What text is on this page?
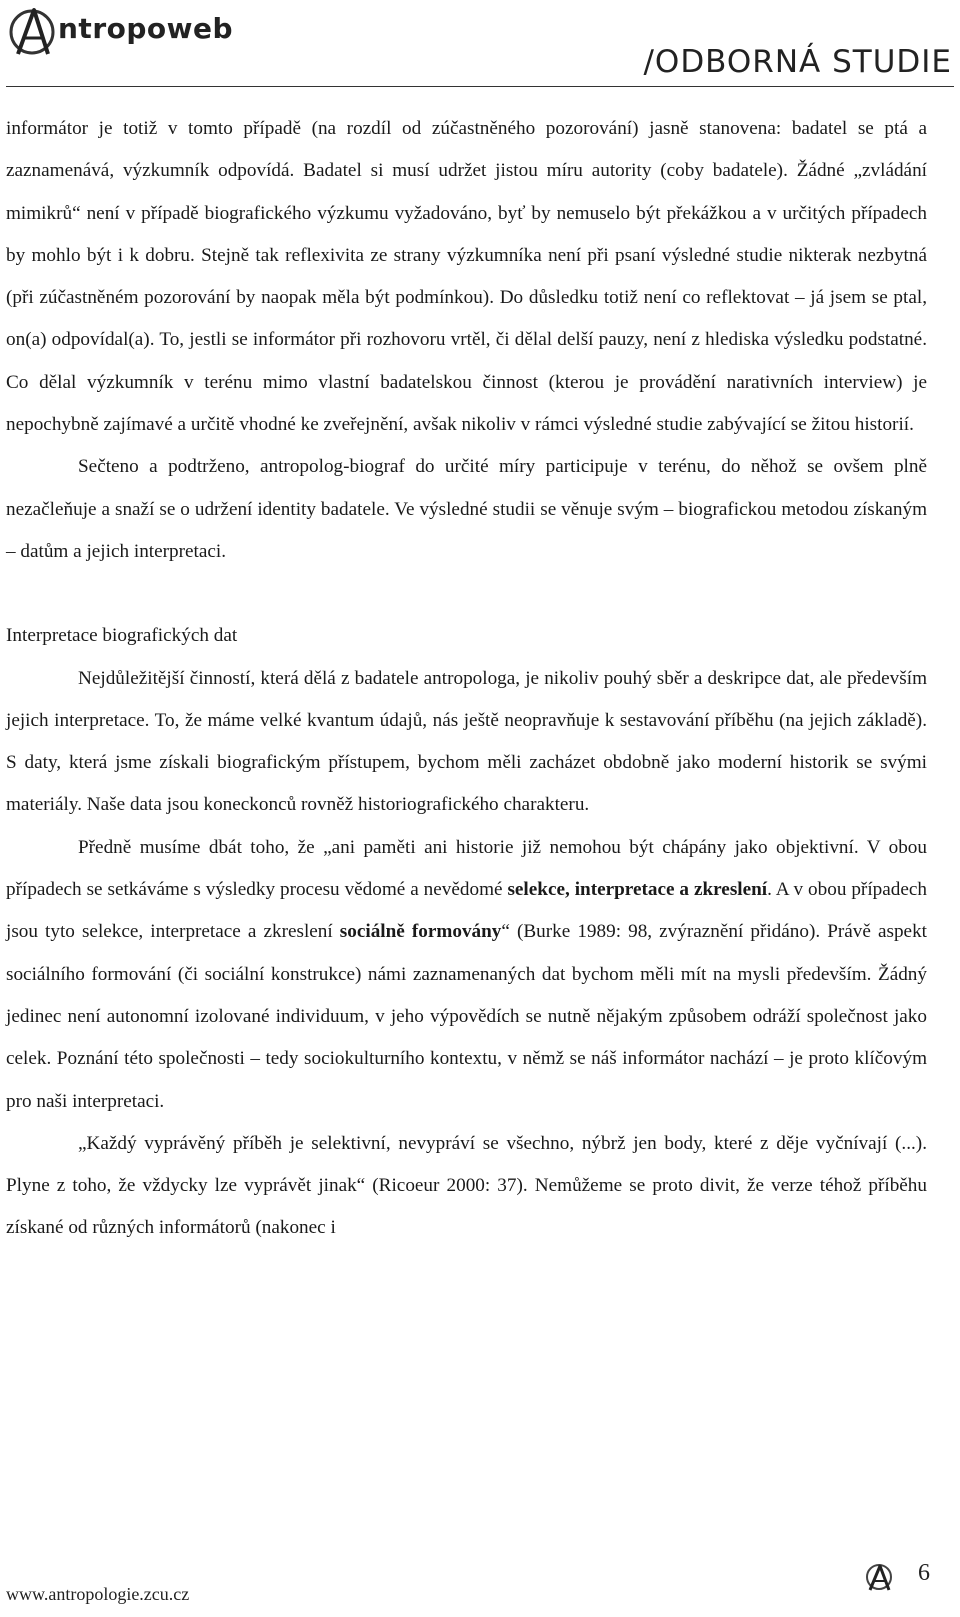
ntropoweb
/ODBORNÁ STUDIE

informátor je totiž v tomto případě (na rozdíl od zúčastněného pozorování) jasně stanovena: badatel se ptá a zaznamenává, výzkumník odpovídá. Badatel si musí udržet jistou míru autority (coby badatele). Žádné „zvládání mimikrů“ není v případě biografického výzkumu vyžadováno, byť by nemuselo být překážkou a v určitých případech by mohlo být i k dobru. Stejně tak reflexivita ze strany výzkumníka není při psaní výsledné studie nikterak nezbytná (při zúčastněném pozorování by naopak měla být podmínkou). Do důsledku totiž není co reflektovat – já jsem se ptal, on(a) odpovídal(a). To, jestli se informátor při rozhovoru vrtěl, či dělal delší pauzy, není z hlediska výsledku podstatné. Co dělal výzkumník v terénu mimo vlastní badatelskou činnost (kterou je provádění narativních interview) je nepochybně zajímavé a určitě vhodné ke zveřejnění, avšak nikoliv v rámci výsledné studie zabývající se žitou historií.

Sečteno a podtrženo, antropolog-biograf do určité míry participuje v terénu, do něhož se ovšem plně nezačleňuje a snaží se o udržení identity badatele. Ve výsledné studii se věnuje svým – biografickou metodou získaným – datům a jejich interpretaci.

Interpretace biografických dat

Nejdůležitější činností, která dělá z badatele antropologa, je nikoliv pouhý sběr a deskripce dat, ale především jejich interpretace. To, že máme velké kvantum údajů, nás ještě neopravňuje k sestavování příběhu (na jejich základě). S daty, která jsme získali biografickým přístupem, bychom měli zacházet obdobně jako moderní historik se svými materiály. Naše data jsou koneckonců rovněž historiografického charakteru.

Předně musíme dbát toho, že „ani paměti ani historie již nemohou být chápány jako objektivní. V obou případech se setkáváme s výsledky procesu vědomé a nevědomé selekce, interpretace a zkreslení. A v obou případech jsou tyto selekce, interpretace a zkreslení sociálně formovány“ (Burke 1989: 98, zvýraznění přidáno). Právě aspekt sociálního formování (či sociální konstrukce) námi zaznamenaných dat bychom měli mít na mysli především. Žádný jedinec není autonomní izolované individuum, v jeho výpovědích se nutně nějakým způsobem odráží společnost jako celek. Poznání této společnosti – tedy sociokulturního kontextu, v němž se náš informátor nachází – je proto klíčovým pro naši interpretaci.

„Každý vyprávěný příběh je selektivní, nevypráví se všechno, nýbrž jen body, které z děje vyčnívají (...). Plyne z toho, že vždycky lze vyprávět jinak“ (Ricoeur 2000: 37). Nemůžeme se proto divit, že verze téhož příběhu získané od různých informátorů (nakonec i

www.antropologie.zcu.cz
6
